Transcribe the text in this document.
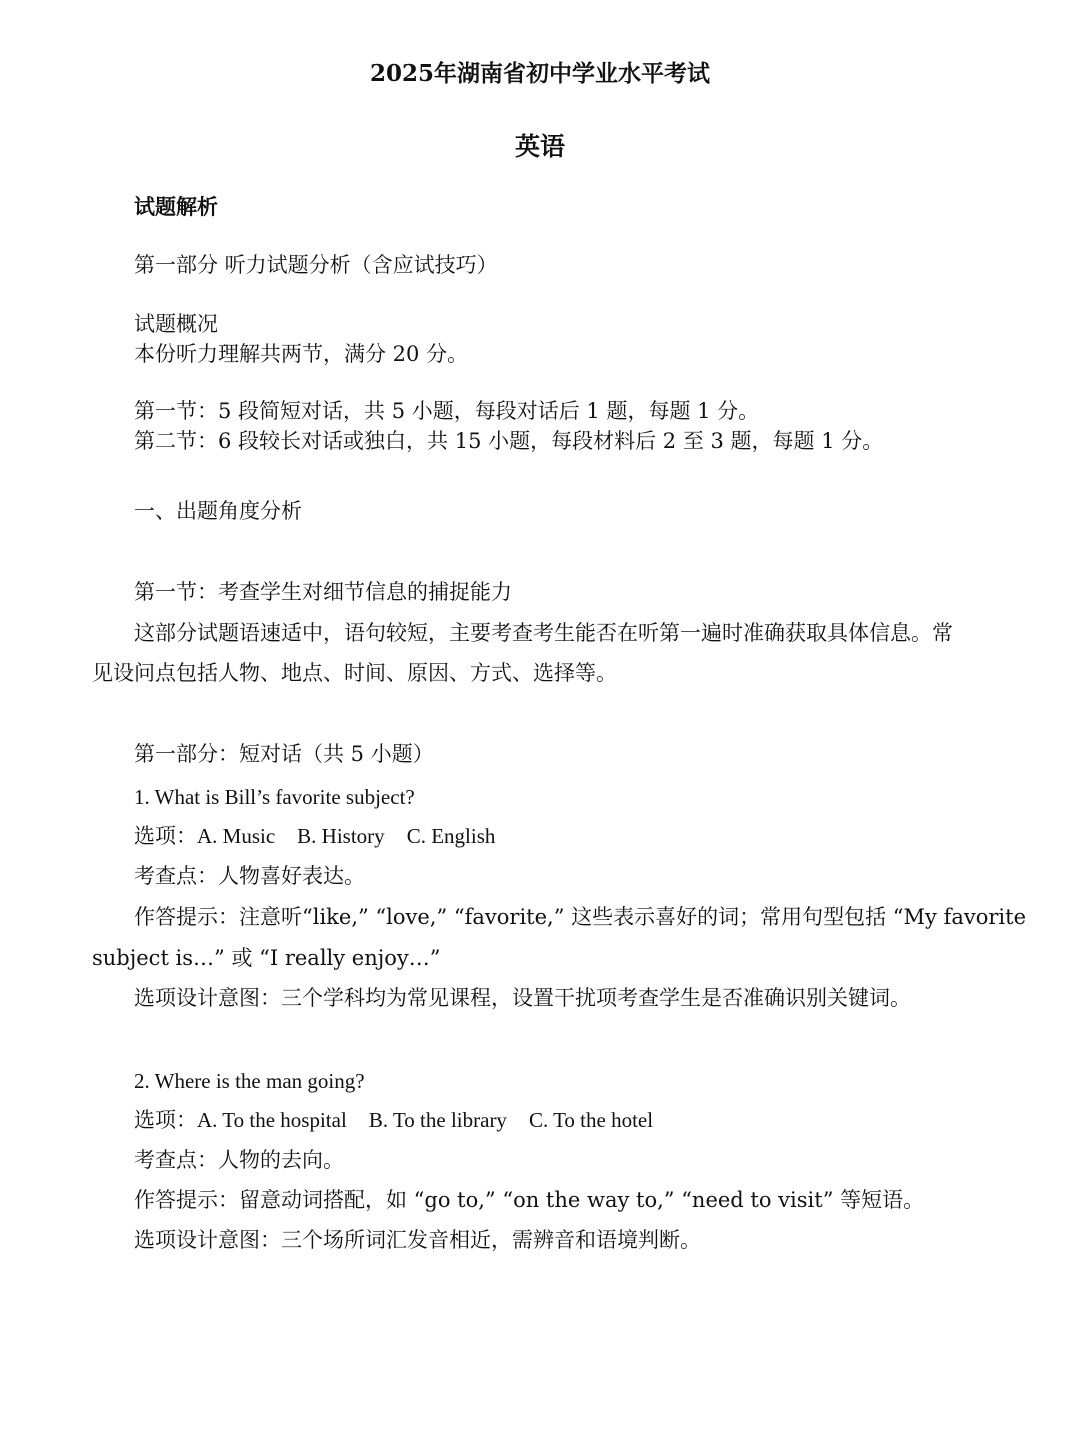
2025年湖南省初中学业水平考试
英语
试题解析
第一部分 听力试题分析（含应试技巧）
试题概况
本份听力理解共两节，满分 20 分。
第一节：5 段简短对话，共 5 小题，每段对话后 1 题，每题 1 分。
第二节：6 段较长对话或独白，共 15 小题，每段材料后 2 至 3 题，每题 1 分。
一、出题角度分析
第一节：考查学生对细节信息的捕捉能力
这部分试题语速适中，语句较短，主要考查考生能否在听第一遍时准确获取具体信息。常
见设问点包括人物、地点、时间、原因、方式、选择等。
第一部分：短对话（共 5 小题）
1. What is Bill’s favorite subject?
选项：A. Music B. History C. English
考查点：人物喜好表达。
作答提示：注意听“like,” “love,” “favorite,” 这些表示喜好的词；常用句型包括 “My favorite
subject is…” 或 “I really enjoy…”
选项设计意图：三个学科均为常见课程，设置干扰项考查学生是否准确识别关键词。
2. Where is the man going?
选项：A. To the hospital B. To the library C. To the hotel
考查点：人物的去向。
作答提示：留意动词搭配，如 “go to,” “on the way to,” “need to visit” 等短语。
选项设计意图：三个场所词汇发音相近，需辨音和语境判断。
